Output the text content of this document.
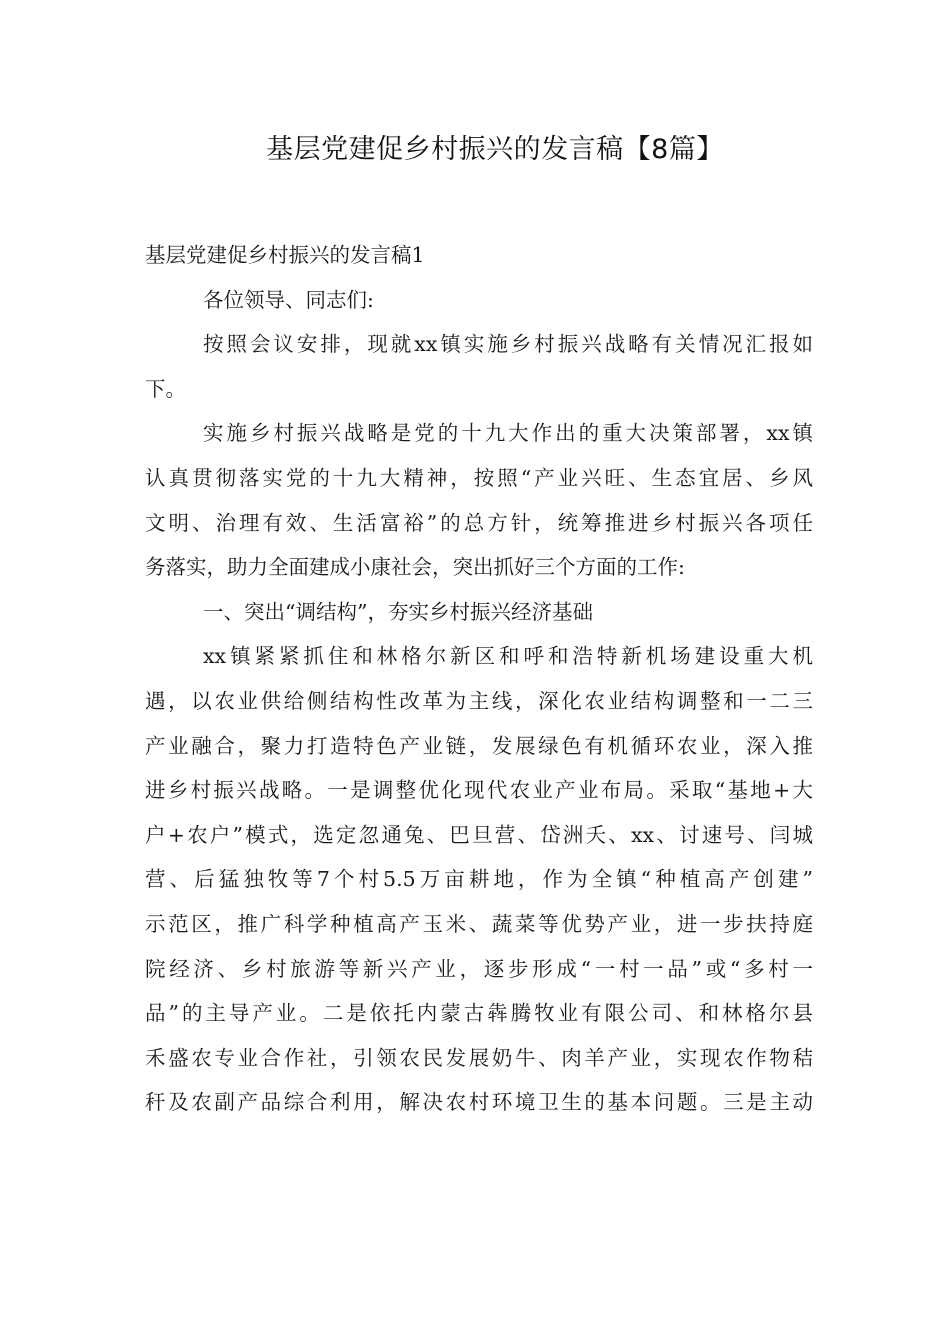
基层党建促乡村振兴的发言稿【8篇】
基层党建促乡村振兴的发言稿1
各位领导、同志们:
按照会议安排，现就xx镇实施乡村振兴战略有关情况汇报如
下。
实施乡村振兴战略是党的十九大作出的重大决策部署，xx镇
认真贯彻落实党的十九大精神，按照“产业兴旺、生态宜居、乡风
文明、治理有效、生活富裕”的总方针，统筹推进乡村振兴各项任
务落实，助力全面建成小康社会，突出抓好三个方面的工作:
一、突出“调结构”，夯实乡村振兴经济基础
xx镇紧紧抓住和林格尔新区和呼和浩特新机场建设重大机
遇，以农业供给侧结构性改革为主线，深化农业结构调整和一二三
产业融合，聚力打造特色产业链，发展绿色有机循环农业，深入推
进乡村振兴战略。一是调整优化现代农业产业布局。采取“基地+大
户+农户”模式，选定忽通兔、巴旦营、岱洲夭、xx、讨速号、闫城
营、后猛独牧等7个村5.5万亩耕地，作为全镇“种植高产创建”
示范区，推广科学种植高产玉米、蔬菜等优势产业，进一步扶持庭
院经济、乡村旅游等新兴产业，逐步形成“一村一品”或“多村一
品”的主导产业。二是依托内蒙古犇腾牧业有限公司、和林格尔县
禾盛农专业合作社，引领农民发展奶牛、肉羊产业，实现农作物秸
秆及农副产品综合利用，解决农村环境卫生的基本问题。三是主动
